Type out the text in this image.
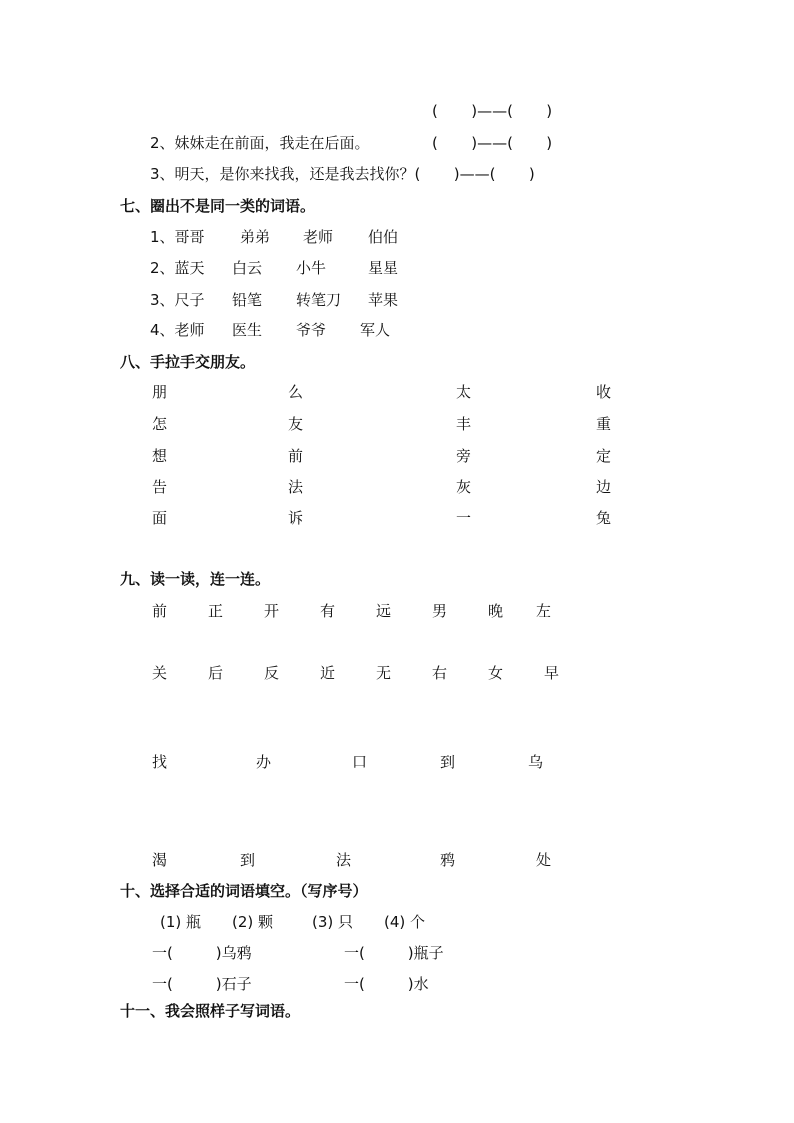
(       )——(       )
2、妹妹走在前面，我走在后面。	(       )——(       )
3、明天，是你来找我，还是我去找你？(       )——(       )
七、圈出不是同一类的词语。
1、哥哥 弟弟 老师 伯伯
2、蓝天 白云 小牛	星星
3、尺子 铅笔 转笔刀 苹果
4、老师 医生 爷爷 军人
八、手拉手交朋友。
朋	么	太	收
怎	友	丰	重
想	前	旁	定
告	法	灰	边
面	诉	一	兔
九、读一读，连一连。
前	正	开	有	远	男	晚 左
关	后	反	近	无	右	女	早
找	办	口	到	乌
渴	到	法	鸦	处
十、选择合适的词语填空。（写序号）
(1) 瓶 (2) 颗	(3) 只 (4) 个
一(         )乌鸦	一(         )瓶子
一(         )石子	一(         )水
十一、我会照样子写词语。
